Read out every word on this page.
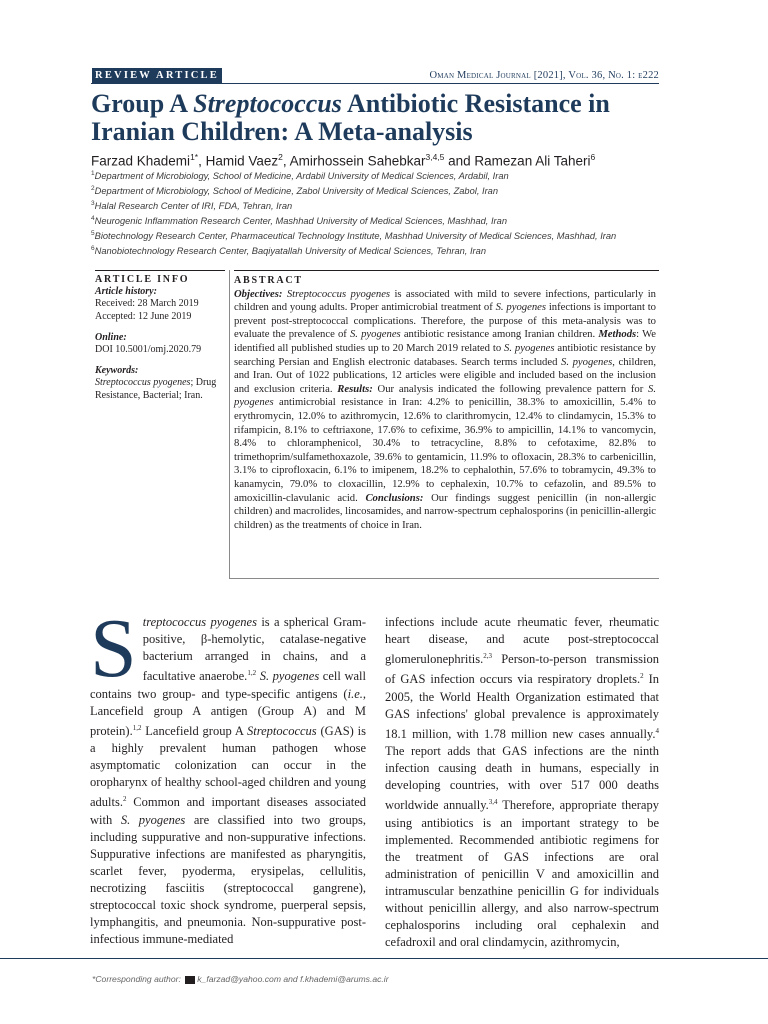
REVIEW ARTICLE	Oman Medical Journal [2021], Vol. 36, No. 1: e222
Group A Streptococcus Antibiotic Resistance in Iranian Children: A Meta-analysis
Farzad Khademi$^{1*}$, Hamid Vaez$^2$, Amirhossein Sahebkar$^{3,4,5}$ and Ramezan Ali Taheri$^6$
$^1$Department of Microbiology, School of Medicine, Ardabil University of Medical Sciences, Ardabil, Iran
$^2$Department of Microbiology, School of Medicine, Zabol University of Medical Sciences, Zabol, Iran
$^3$Halal Research Center of IRI, FDA, Tehran, Iran
$^4$Neurogenic Inflammation Research Center, Mashhad University of Medical Sciences, Mashhad, Iran
$^5$Biotechnology Research Center, Pharmaceutical Technology Institute, Mashhad University of Medical Sciences, Mashhad, Iran
$^6$Nanobiotechnology Research Center, Baqiyatallah University of Medical Sciences, Tehran, Iran
ARTICLE INFO
Article history:
Received: 28 March 2019
Accepted: 12 June 2019
Online:
DOI 10.5001/omj.2020.79
Keywords:
Streptococcus pyogenes; Drug Resistance, Bacterial; Iran.
ABSTRACT
Objectives: Streptococcus pyogenes is associated with mild to severe infections, particularly in children and young adults. Proper antimicrobial treatment of S. pyogenes infections is important to prevent post-streptococcal complications. Therefore, the purpose of this meta-analysis was to evaluate the prevalence of S. pyogenes antibiotic resistance among Iranian children. Methods: We identified all published studies up to 20 March 2019 related to S. pyogenes antibiotic resistance by searching Persian and English electronic databases. Search terms included S. pyogenes, children, and Iran. Out of 1022 publications, 12 articles were eligible and included based on the inclusion and exclusion criteria. Results: Our analysis indicated the following prevalence pattern for S. pyogenes antimicrobial resistance in Iran: 4.2% to penicillin, 38.3% to amoxicillin, 5.4% to erythromycin, 12.0% to azithromycin, 12.6% to clarithromycin, 12.4% to clindamycin, 15.3% to rifampicin, 8.1% to ceftriaxone, 17.6% to cefixime, 36.9% to ampicillin, 14.1% to vancomycin, 8.4% to chloramphenicol, 30.4% to tetracycline, 8.8% to cefotaxime, 82.8% to trimethoprim/sulfamethoxazole, 39.6% to gentamicin, 11.9% to ofloxacin, 28.3% to carbenicillin, 3.1% to ciprofloxacin, 6.1% to imipenem, 18.2% to cephalothin, 57.6% to tobramycin, 49.3% to kanamycin, 79.0% to cloxacillin, 12.9% to cephalexin, 10.7% to cefazolin, and 89.5% to amoxicillin-clavulanic acid. Conclusions: Our findings suggest penicillin (in non-allergic children) and macrolides, lincosamides, and narrow-spectrum cephalosporins (in penicillin-allergic children) as the treatments of choice in Iran.
Streptococcus pyogenes is a spherical Gram-positive, β-hemolytic, catalase-negative bacterium arranged in chains, and a facultative anaerobe.$^{1,2}$ S. pyogenes cell wall contains two group- and type-specific antigens (i.e., Lancefield group A antigen (Group A) and M protein).$^{1,2}$ Lancefield group A Streptococcus (GAS) is a highly prevalent human pathogen whose asymptomatic colonization can occur in the oropharynx of healthy school-aged children and young adults.$^2$ Common and important diseases associated with S. pyogenes are classified into two groups, including suppurative and non-suppurative infections. Suppurative infections are manifested as pharyngitis, scarlet fever, pyoderma, erysipelas, cellulitis, necrotizing fasciitis (streptococcal gangrene), streptococcal toxic shock syndrome, puerperal sepsis, lymphangitis, and pneumonia. Non-suppurative post-infectious immune-mediated
infections include acute rheumatic fever, rheumatic heart disease, and acute post-streptococcal glomerulonephritis.$^{2,3}$ Person-to-person transmission of GAS infection occurs via respiratory droplets.$^2$ In 2005, the World Health Organization estimated that GAS infections' global prevalence is approximately 18.1 million, with 1.78 million new cases annually.$^4$ The report adds that GAS infections are the ninth infection causing death in humans, especially in developing countries, with over 517 000 deaths worldwide annually.$^{3,4}$ Therefore, appropriate therapy using antibiotics is an important strategy to be implemented. Recommended antibiotic regimens for the treatment of GAS infections are oral administration of penicillin V and amoxicillin and intramuscular benzathine penicillin G for individuals without penicillin allergy, and also narrow-spectrum cephalosporins including oral cephalexin and cefadroxil and oral clindamycin, azithromycin,
*Corresponding author: k_farzad@yahoo.com and f.khademi@arums.ac.ir
